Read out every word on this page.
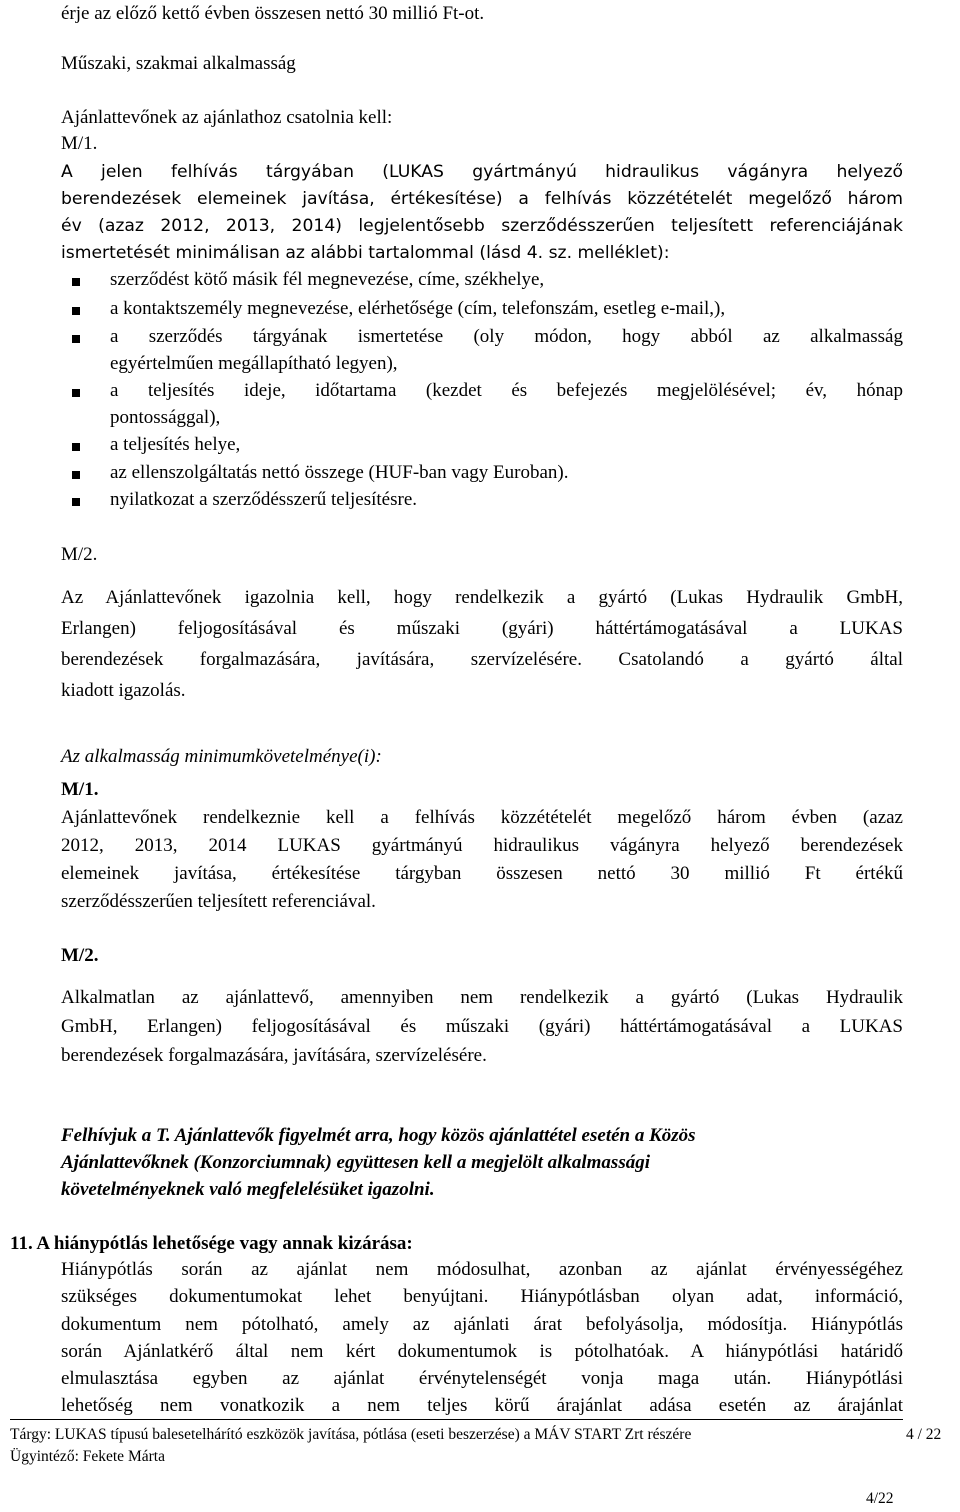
érje az előző kettő évben összesen nettó 30 millió Ft-ot.
Műszaki, szakmai alkalmasság
Ajánlattevőnek az ajánlathoz csatolnia kell:
M/1.
A jelen felhívás tárgyában (LUKAS gyártmányú hidraulikus vágányra helyező
berendezések elemeinek javítása, értékesítése) a felhívás közzétételét megelőző három
év (azaz 2012, 2013, 2014) legjelentősebb szerződésszerűen teljesített referenciájának
ismertetését minimálisan az alábbi tartalommal (lásd 4. sz. melléklet):
szerződést kötő másik fél megnevezése, címe, székhelye,
a kontaktszemély megnevezése, elérhetősége (cím, telefonszám, esetleg e-mail,),
a szerződés tárgyának ismertetése (oly módon, hogy abból az alkalmasság
egyértelműen megállapítható legyen),
a teljesítés ideje, időtartama (kezdet és befejezés megjelölésével; év, hónap
pontossággal),
a teljesítés helye,
az ellenszolgáltatás nettó összege (HUF-ban vagy Euroban).
nyilatkozat a szerződésszerű teljesítésre.
M/2.
Az Ajánlattevőnek igazolnia kell, hogy rendelkezik a gyártó (Lukas Hydraulik GmbH,
Erlangen) feljogosításával és műszaki (gyári) háttértámogatásával a LUKAS
berendezések forgalmazására, javítására, szervízelésére. Csatolandó a gyártó által
kiadott igazolás.
Az alkalmasság minimumkövetelménye(i):
M/1.
Ajánlattevőnek rendelkeznie kell a felhívás közzétételét megelőző három évben (azaz
2012, 2013, 2014 LUKAS gyártmányú hidraulikus vágányra helyező berendezések
elemeinek javítása, értékesítése tárgyban összesen nettó 30 millió Ft értékű
szerződésszerűen teljesített referenciával.
M/2.
Alkalmatlan az ajánlattevő, amennyiben nem rendelkezik a gyártó (Lukas Hydraulik
GmbH, Erlangen) feljogosításával és műszaki (gyári) háttértámogatásával a LUKAS
berendezések forgalmazására, javítására, szervízelésére.
Felhívjuk a T. Ajánlattevők figyelmét arra, hogy közös ajánlattétel esetén a Közös
Ajánlattevőknek (Konzorciumnak) együttesen kell a megjelölt alkalmassági
követelményeknek való megfelelésüket igazolni.
11. A hiánypótlás lehetősége vagy annak kizárása:
Hiánypótlás során az ajánlat nem módosulhat, azonban az ajánlat érvényességéhez
szükséges dokumentumokat lehet benyújtani. Hiánypótlásban olyan adat, információ,
dokumentum nem pótolható, amely az ajánlati árat befolyásolja, módosítja. Hiánypótlás
során Ajánlatkérő által nem kért dokumentumok is pótolhatóak. A hiánypótlási határidő
elmulasztása egyben az ajánlat érvénytelenségét vonja maga után. Hiánypótlási
lehetőség nem vonatkozik a nem teljes körű árajánlat adása esetén az árajánlat
Tárgy: LUKAS típusú balesetelhárító eszközök javítása, pótlása (eseti beszerzése) a MÁV START Zrt részére	4 / 22
Ügyintéző: Fekete Márta
4/22
